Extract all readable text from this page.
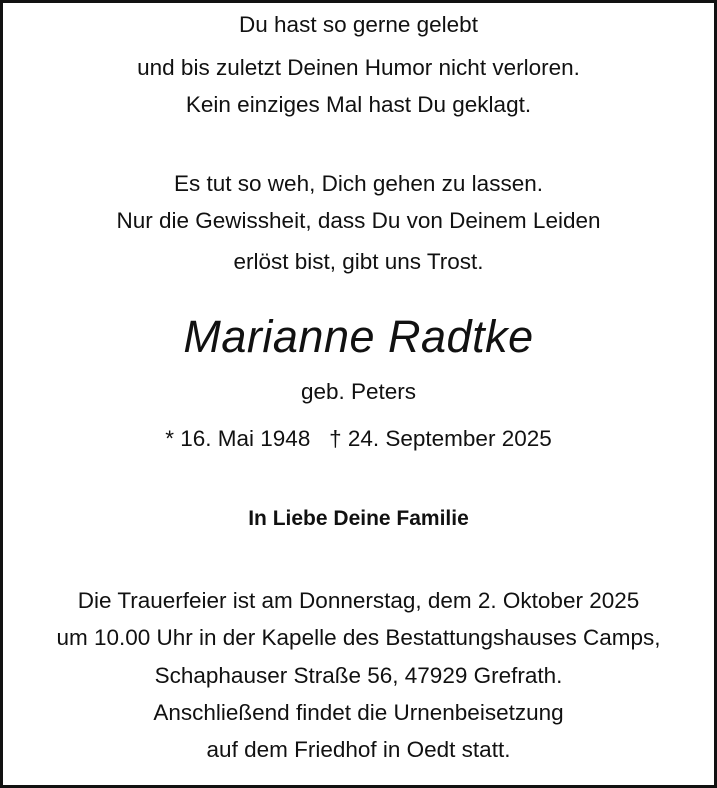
Du hast so gerne gelebt
und bis zuletzt Deinen Humor nicht verloren.
Kein einziges Mal hast Du geklagt.
Es tut so weh, Dich gehen zu lassen.
Nur die Gewissheit, dass Du von Deinem Leiden
erlöst bist, gibt uns Trost.
Marianne Radtke
geb. Peters
* 16. Mai 1948   † 24. September 2025
In Liebe Deine Familie
Die Trauerfeier ist am Donnerstag, dem 2. Oktober 2025
um 10.00 Uhr in der Kapelle des Bestattungshauses Camps,
Schaphauser Straße 56, 47929 Grefrath.
Anschließend findet die Urnenbeisetzung
auf dem Friedhof in Oedt statt.
